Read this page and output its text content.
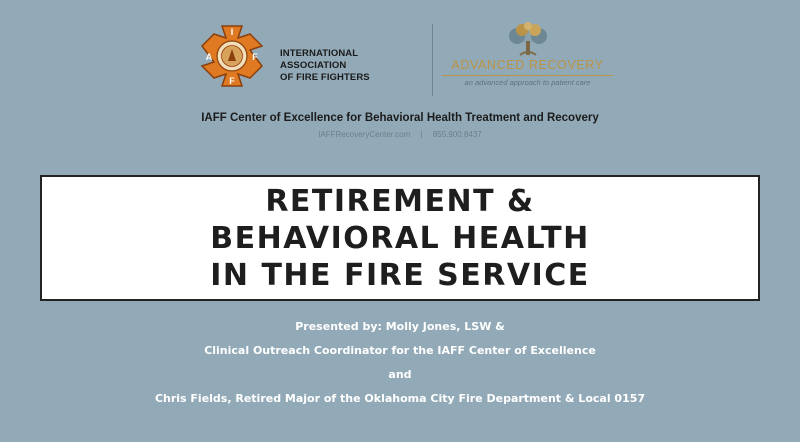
I
A	F
F
INTERNATIONAL ASSOCIATION
OF FIRE FIGHTERS
ADVANCED RECOVERY
an advanced approach to patient care
IAFF Center of Excellence for Behavioral Health Treatment and Recovery
IAFFRecoveryCenter.com | 855.900.8437
RETIREMENT &
BEHAVIORAL HEALTH
IN THE FIRE SERVICE
Presented by: Molly Jones, LSW &
Clinical Outreach Coordinator for the IAFF Center of Excellence
and
Chris Fields, Retired Major of the Oklahoma City Fire Department & Local 0157
